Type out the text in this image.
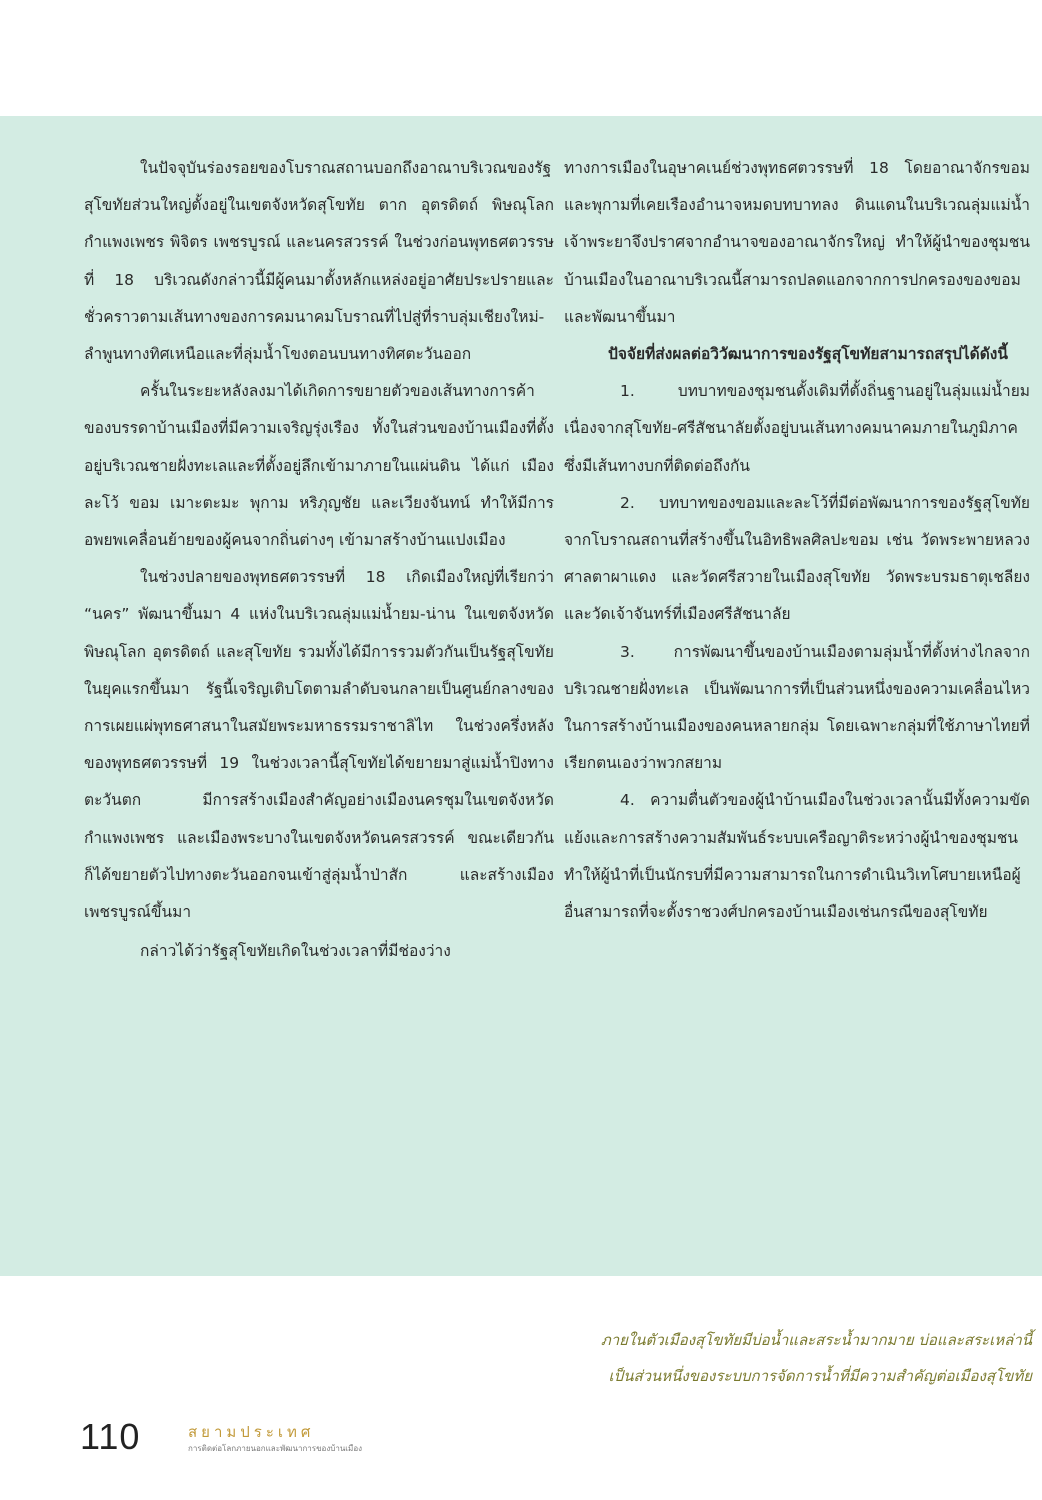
ในปัจจุบันร่องรอยของโบราณสถานบอกถึงอาณาบริเวณของรัฐสุโขทัยส่วนใหญ่ตั้งอยู่ในเขตจังหวัดสุโขทัย ตาก อุตรดิตถ์ พิษณุโลก กำแพงเพชร พิจิตร เพชรบูรณ์ และนครสวรรค์ ในช่วงก่อนพุทธศตวรรษที่ 18 บริเวณดังกล่าวนี้มีผู้คนมาตั้งหลักแหล่งอยู่อาศัยประปรายและชั่วคราวตามเส้นทางของการคมนาคมโบราณที่ไปสู่ที่ราบลุ่มเชียงใหม่-ลำพูนทางทิศเหนือและที่ลุ่มน้ำโขงตอนบนทางทิศตะวันออก

ครั้นในระยะหลังลงมาได้เกิดการขยายตัวของเส้นทางการค้าของบรรดาบ้านเมืองที่มีความเจริญรุ่งเรือง ทั้งในส่วนของบ้านเมืองที่ตั้งอยู่บริเวณชายฝั่งทะเลและที่ตั้งอยู่ลึกเข้ามาภายในแผ่นดิน ได้แก่ เมืองละโว้ ขอม เมาะตะมะ พุกาม หริภุญชัย และเวียงจันทน์ ทำให้มีการอพยพเคลื่อนย้ายของผู้คนจากถิ่นต่างๆ เข้ามาสร้างบ้านแปงเมือง

ในช่วงปลายของพุทธศตวรรษที่ 18 เกิดเมืองใหญ่ที่เรียกว่า “นคร” พัฒนาขึ้นมา 4 แห่งในบริเวณลุ่มแม่น้ำยม-น่าน ในเขตจังหวัดพิษณุโลก อุตรดิตถ์ และสุโขทัย รวมทั้งได้มีการรวมตัวกันเป็นรัฐสุโขทัยในยุคแรกขึ้นมา รัฐนี้เจริญเติบโตตามลำดับจนกลายเป็นศูนย์กลางของการเผยแผ่พุทธศาสนาในสมัยพระมหาธรรมราชาลิไท ในช่วงครึ่งหลังของพุทธศตวรรษที่ 19 ในช่วงเวลานี้สุโขทัยได้ขยายมาสู่แม่น้ำปิงทางตะวันตก มีการสร้างเมืองสำคัญอย่างเมืองนครชุมในเขตจังหวัดกำแพงเพชร และเมืองพระบางในเขตจังหวัดนครสวรรค์ ขณะเดียวกันก็ได้ขยายตัวไปทางตะวันออกจนเข้าสู่ลุ่มน้ำป่าสัก และสร้างเมืองเพชรบูรณ์ขึ้นมา

กล่าวได้ว่ารัฐสุโขทัยเกิดในช่วงเวลาที่มีช่องว่าง

ทางการเมืองในอุษาคเนย์ช่วงพุทธศตวรรษที่ 18 โดยอาณาจักรขอมและพุกามที่เคยเรืองอำนาจหมดบทบาทลง ดินแดนในบริเวณลุ่มแม่น้ำเจ้าพระยาจึงปราศจากอำนาจของอาณาจักรใหญ่ ทำให้ผู้นำของชุมชนบ้านเมืองในอาณาบริเวณนี้สามารถปลดแอกจากการปกครองของขอมและพัฒนาขึ้นมา

ปัจจัยที่ส่งผลต่อวิวัฒนาการของรัฐสุโขทัยสามารถสรุปได้ดังนี้

1. บทบาทของชุมชนดั้งเดิมที่ตั้งถิ่นฐานอยู่ในลุ่มแม่น้ำยม เนื่องจากสุโขทัย-ศรีสัชนาลัยตั้งอยู่บนเส้นทางคมนาคมภายในภูมิภาคซึ่งมีเส้นทางบกที่ติดต่อถึงกัน

2. บทบาทของขอมและละโว้ที่มีต่อพัฒนาการของรัฐสุโขทัย จากโบราณสถานที่สร้างขึ้นในอิทธิพลศิลปะขอม เช่น วัดพระพายหลวง ศาลตาผาแดง และวัดศรีสวายในเมืองสุโขทัย วัดพระบรมธาตุเชลียงและวัดเจ้าจันทร์ที่เมืองศรีสัชนาลัย

3. การพัฒนาขึ้นของบ้านเมืองตามลุ่มน้ำที่ตั้งห่างไกลจากบริเวณชายฝั่งทะเล เป็นพัฒนาการที่เป็นส่วนหนึ่งของความเคลื่อนไหวในการสร้างบ้านเมืองของคนหลายกลุ่ม โดยเฉพาะกลุ่มที่ใช้ภาษาไทยที่เรียกตนเองว่าพวกสยาม

4. ความตื่นตัวของผู้นำบ้านเมืองในช่วงเวลานั้นมีทั้งความขัดแย้งและการสร้างความสัมพันธ์ระบบเครือญาติระหว่างผู้นำของชุมชน ทำให้ผู้นำที่เป็นนักรบที่มีความสามารถในการดำเนินวิเทโศบายเหนือผู้อื่นสามารถที่จะตั้งราชวงศ์ปกครองบ้านเมืองเช่นกรณีของสุโขทัย

ภายในตัวเมืองสุโขทัยมีบ่อน้ำและสระน้ำมากมาย บ่อและสระเหล่านี้
เป็นส่วนหนึ่งของระบบการจัดการน้ำที่มีความสำคัญต่อเมืองสุโขทัย
110	สยามประเทศ
การติดต่อโลกภายนอกและพัฒนาการของบ้านเมือง
